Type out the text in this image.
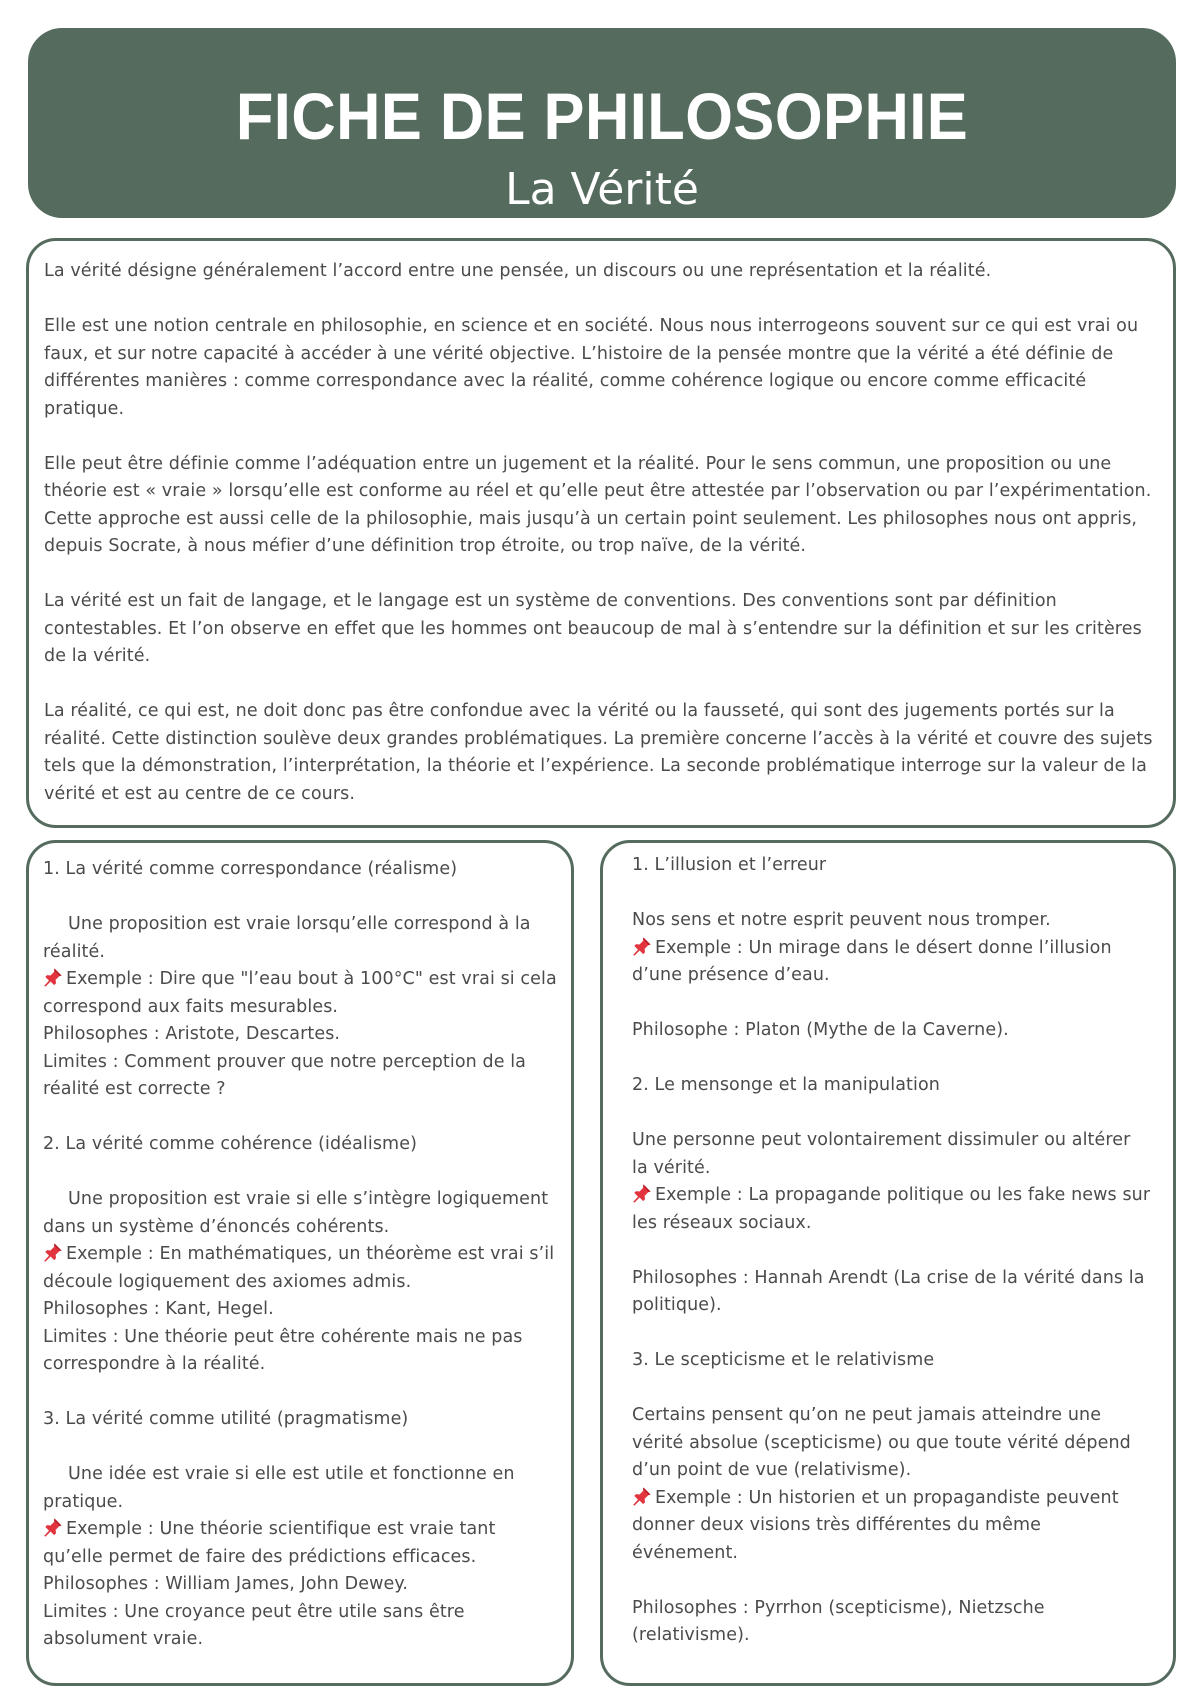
FICHE DE PHILOSOPHIE
La Vérité

La vérité désigne généralement l’accord entre une pensée, un discours ou une représentation et la réalité.

Elle est une notion centrale en philosophie, en science et en société. Nous nous interrogeons souvent sur ce qui est vrai ou faux, et sur notre capacité à accéder à une vérité objective. L’histoire de la pensée montre que la vérité a été définie de différentes manières : comme correspondance avec la réalité, comme cohérence logique ou encore comme efficacité pratique.

Elle peut être définie comme l’adéquation entre un jugement et la réalité. Pour le sens commun, une proposition ou une théorie est « vraie » lorsqu’elle est conforme au réel et qu’elle peut être attestée par l’observation ou par l’expérimentation. Cette approche est aussi celle de la philosophie, mais jusqu’à un certain point seulement. Les philosophes nous ont appris, depuis Socrate, à nous méfier d’une définition trop étroite, ou trop naïve, de la vérité.

La vérité est un fait de langage, et le langage est un système de conventions. Des conventions sont par définition contestables. Et l’on observe en effet que les hommes ont beaucoup de mal à s’entendre sur la définition et sur les critères de la vérité.

La réalité, ce qui est, ne doit donc pas être confondue avec la vérité ou la fausseté, qui sont des jugements portés sur la réalité. Cette distinction soulève deux grandes problématiques. La première concerne l’accès à la vérité et couvre des sujets tels que la démonstration, l’interprétation, la théorie et l’expérience. La seconde problématique interroge sur la valeur de la vérité et est au centre de ce cours.

1. La vérité comme correspondance (réalisme)

Une proposition est vraie lorsqu’elle correspond à la réalité.

Exemple : Dire que "l’eau bout à 100°C" est vrai si cela correspond aux faits mesurables.

Philosophes : Aristote, Descartes.

Limites : Comment prouver que notre perception de la réalité est correcte ?

2. La vérité comme cohérence (idéalisme)

Une proposition est vraie si elle s’intègre logiquement dans un système d’énoncés cohérents.

Exemple : En mathématiques, un théorème est vrai s’il découle logiquement des axiomes admis.

Philosophes : Kant, Hegel.

Limites : Une théorie peut être cohérente mais ne pas correspondre à la réalité.

3. La vérité comme utilité (pragmatisme)

Une idée est vraie si elle est utile et fonctionne en pratique.

Exemple : Une théorie scientifique est vraie tant qu’elle permet de faire des prédictions efficaces.

Philosophes : William James, John Dewey.

Limites : Une croyance peut être utile sans être absolument vraie.

1. L’illusion et l’erreur

Nos sens et notre esprit peuvent nous tromper.

Exemple : Un mirage dans le désert donne l’illusion d’une présence d’eau.

Philosophe : Platon (Mythe de la Caverne).

2. Le mensonge et la manipulation

Une personne peut volontairement dissimuler ou altérer la vérité.

Exemple : La propagande politique ou les fake news sur les réseaux sociaux.

Philosophes : Hannah Arendt (La crise de la vérité dans la politique).

3. Le scepticisme et le relativisme

Certains pensent qu’on ne peut jamais atteindre une vérité absolue (scepticisme) ou que toute vérité dépend d’un point de vue (relativisme).

Exemple : Un historien et un propagandiste peuvent donner deux visions très différentes du même événement.

Philosophes : Pyrrhon (scepticisme), Nietzsche (relativisme).
